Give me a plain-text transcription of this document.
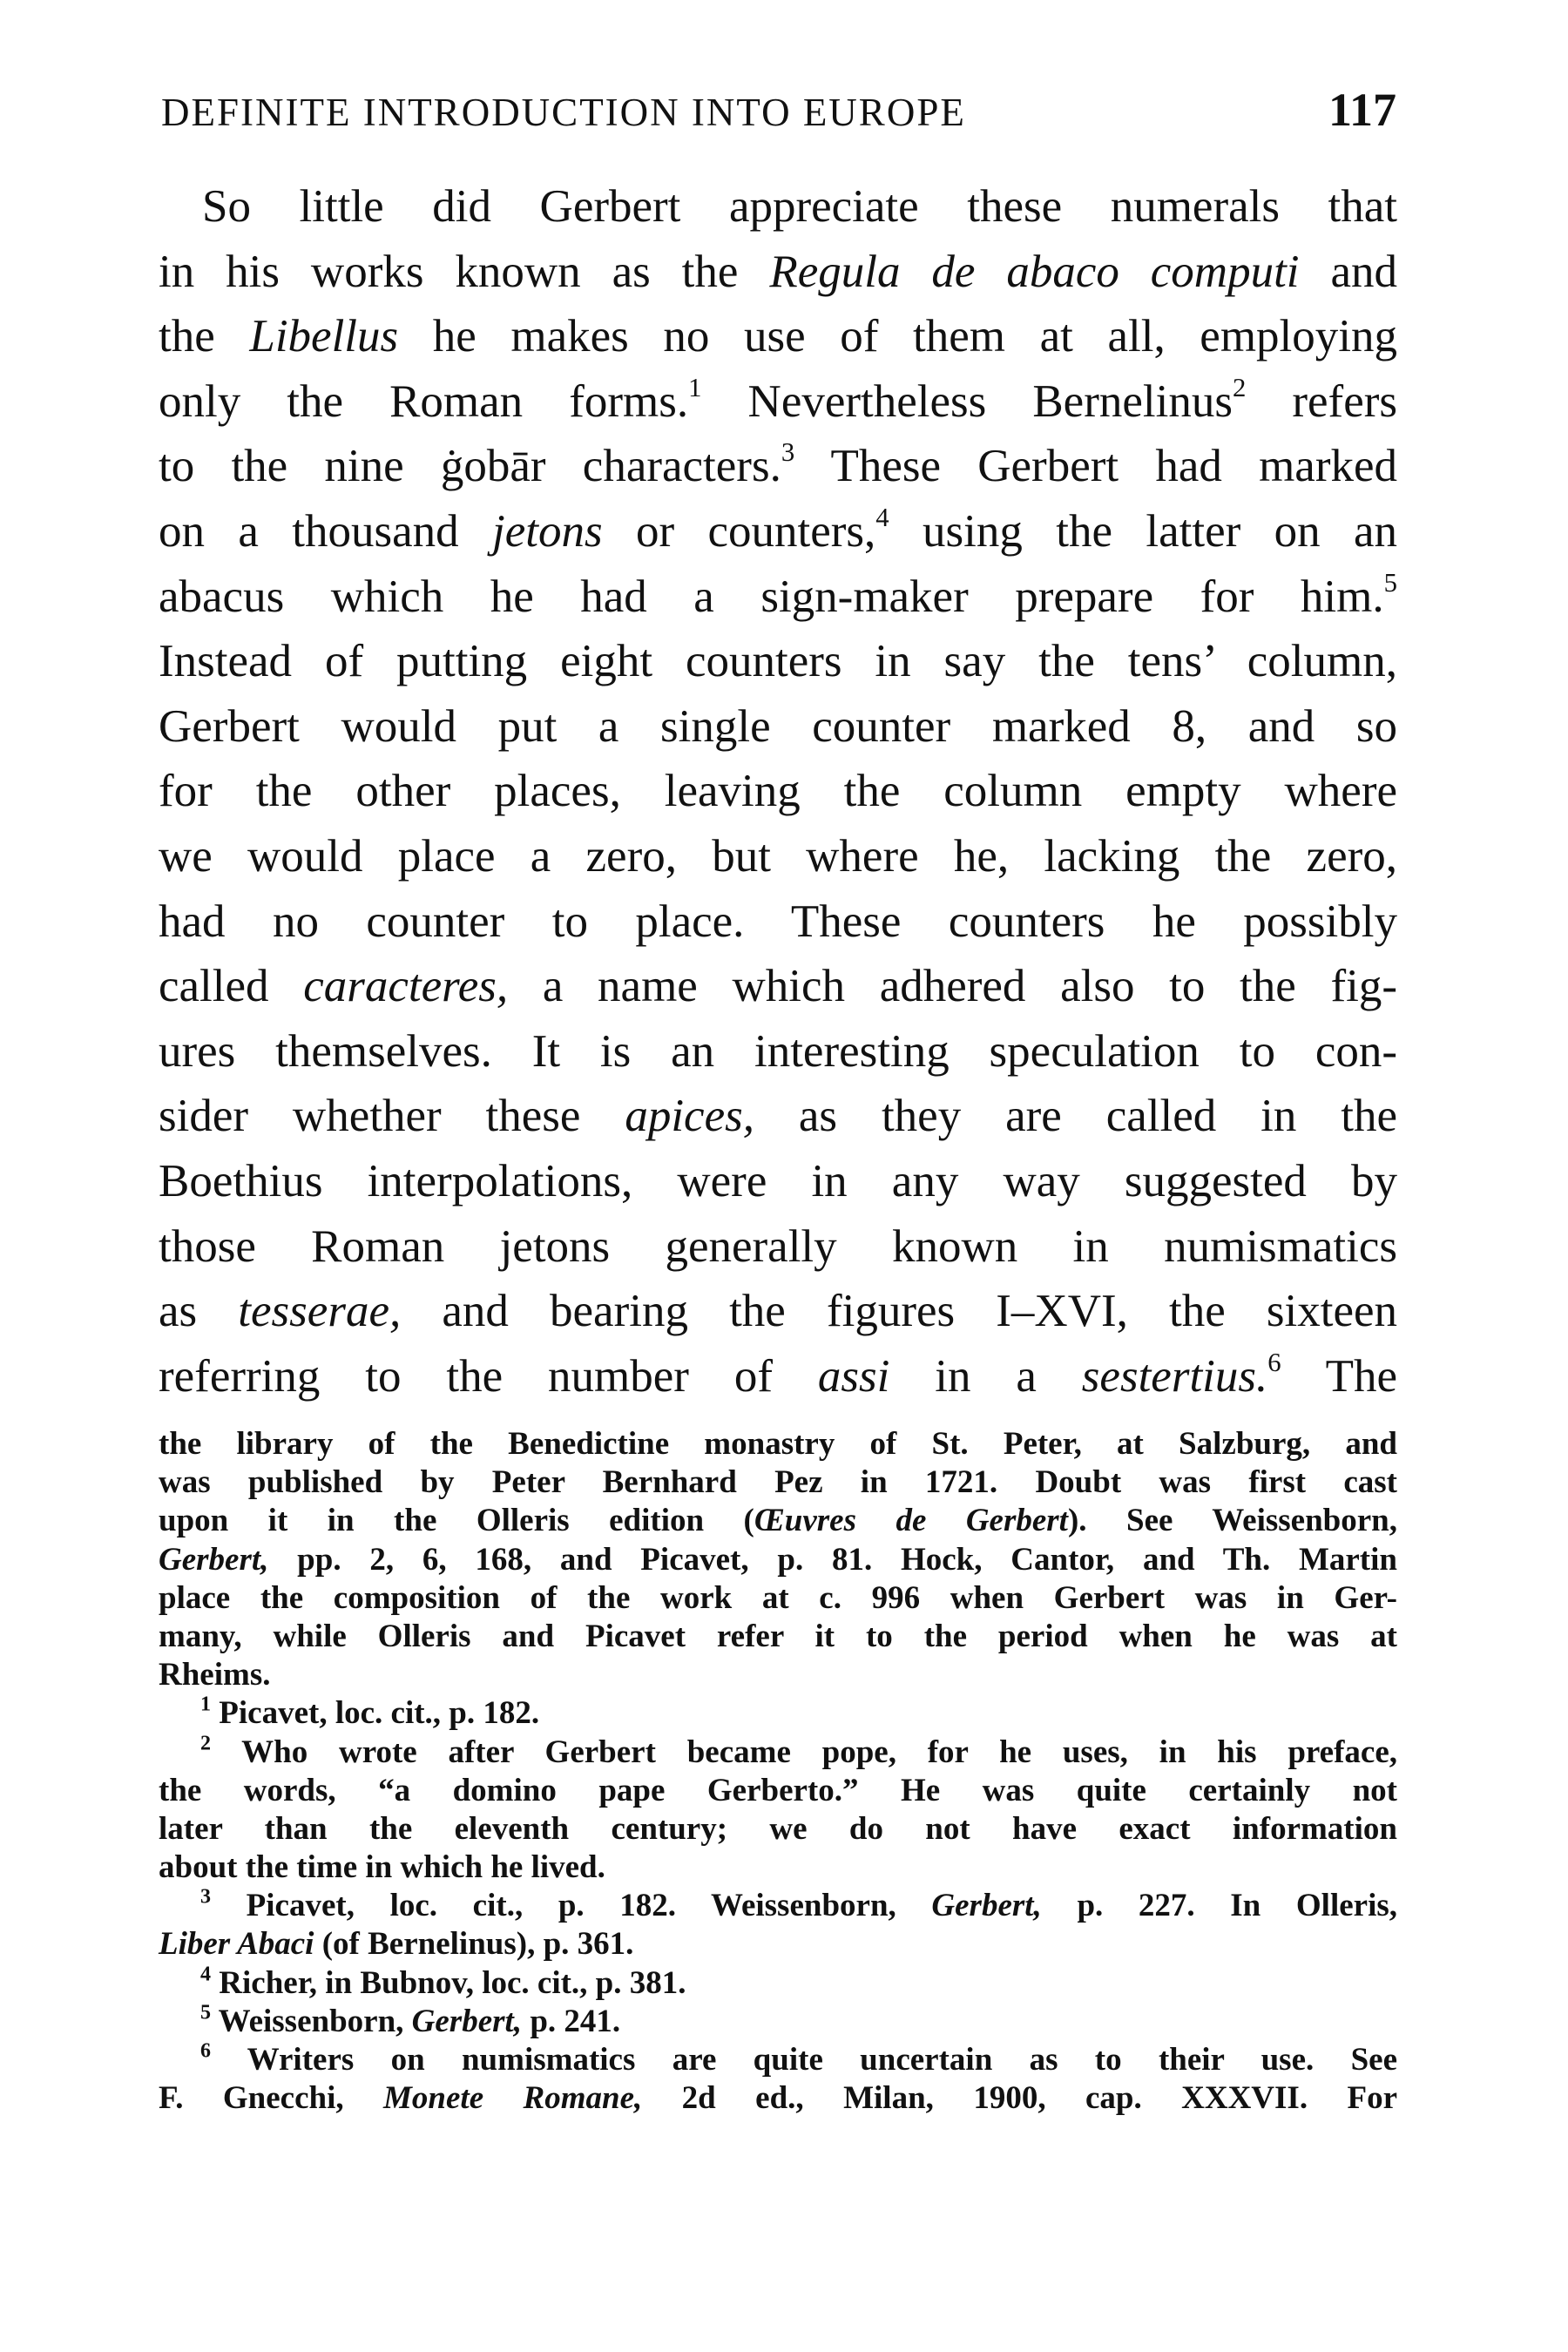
DEFINITE INTRODUCTION INTO EUROPE	117
So little did Gerbert appreciate these numerals that
in his works known as the Regula de abaco computi and
the Libellus he makes no use of them at all, employing
only the Roman forms.$^1$ Nevertheless Bernelinus$^2$ refers
to the nine ġobār characters.$^3$ These Gerbert had marked
on a thousand jetons or counters,$^4$ using the latter on an
abacus which he had a sign-maker prepare for him.$^5$
Instead of putting eight counters in say the tens’ column,
Gerbert would put a single counter marked 8, and so
for the other places, leaving the column empty where
we would place a zero, but where he, lacking the zero,
had no counter to place. These counters he possibly
called caracteres, a name which adhered also to the fig-
ures themselves. It is an interesting speculation to con-
sider whether these apices, as they are called in the
Boethius interpolations, were in any way suggested by
those Roman jetons generally known in numismatics
as tesserae, and bearing the figures I–XVI, the sixteen
referring to the number of assi in a sestertius.$^6$ The
the library of the Benedictine monastry of St. Peter, at Salzburg, and
was published by Peter Bernhard Pez in 1721. Doubt was first cast
upon it in the Olleris edition (Œuvres de Gerbert). See Weissenborn,
Gerbert, pp. 2, 6, 168, and Picavet, p. 81. Hock, Cantor, and Th. Martin
place the composition of the work at c. 996 when Gerbert was in Ger-
many, while Olleris and Picavet refer it to the period when he was at
Rheims.
$^1$ Picavet, loc. cit., p. 182.
$^2$ Who wrote after Gerbert became pope, for he uses, in his preface,
the words, “a domino pape Gerberto.” He was quite certainly not
later than the eleventh century; we do not have exact information
about the time in which he lived.
$^3$ Picavet, loc. cit., p. 182. Weissenborn, Gerbert, p. 227. In Olleris,
Liber Abaci (of Bernelinus), p. 361.
$^4$ Richer, in Bubnov, loc. cit., p. 381.
$^5$ Weissenborn, Gerbert, p. 241.
$^6$ Writers on numismatics are quite uncertain as to their use. See
F. Gnecchi, Monete Romane, 2d ed., Milan, 1900, cap. XXXVII. For
